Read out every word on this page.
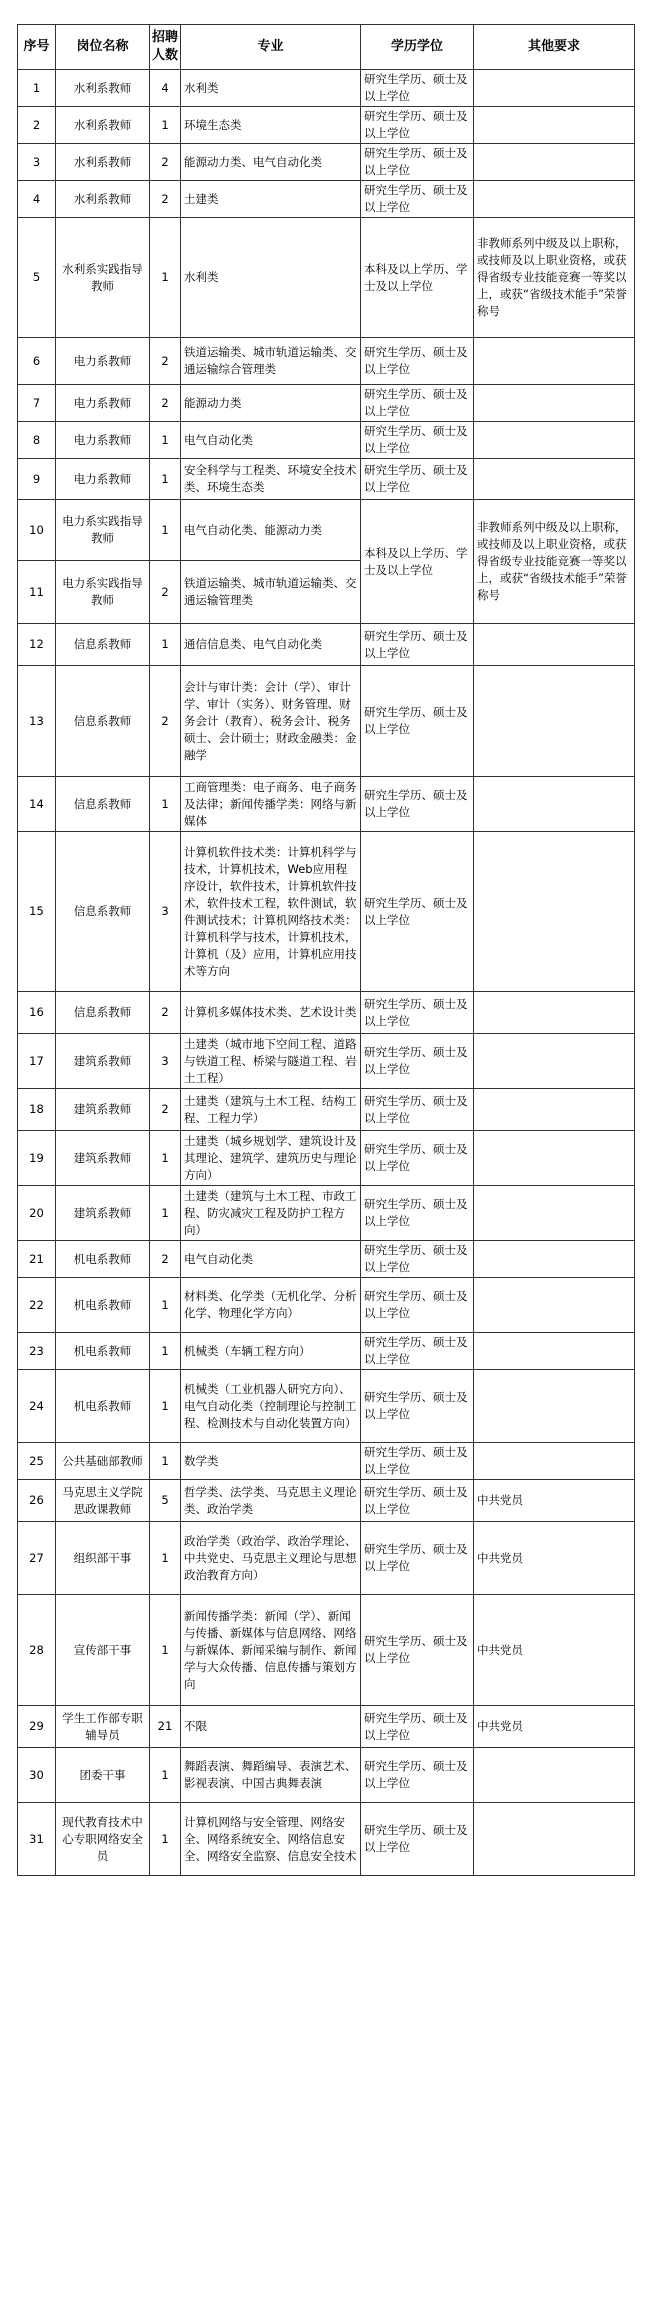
序号	岗位名称	招聘人数	专业	学历学位	其他要求
1	水利系教师	4	水利类	研究生学历、硕士及以上学位	
2	水利系教师	1	环境生态类	研究生学历、硕士及以上学位	
3	水利系教师	2	能源动力类、电气自动化类	研究生学历、硕士及以上学位	
4	水利系教师	2	土建类	研究生学历、硕士及以上学位	
5	水利系实践指导教师	1	水利类	本科及以上学历、学士及以上学位	非教师系列中级及以上职称，或技师及以上职业资格，或获得省级专业技能竞赛一等奖以上，或获“省级技术能手”荣誉称号
6	电力系教师	2	铁道运输类、城市轨道运输类、交通运输综合管理类	研究生学历、硕士及以上学位	
7	电力系教师	2	能源动力类	研究生学历、硕士及以上学位	
8	电力系教师	1	电气自动化类	研究生学历、硕士及以上学位	
9	电力系教师	1	安全科学与工程类、环境安全技术类、环境生态类	研究生学历、硕士及以上学位	
10	电力系实践指导教师	1	电气自动化类、能源动力类	本科及以上学历、学士及以上学位	非教师系列中级及以上职称，或技师及以上职业资格，或获得省级专业技能竞赛一等奖以上，或获“省级技术能手”荣誉称号
11	电力系实践指导教师	2	铁道运输类、城市轨道运输类、交通运输管理类		
12	信息系教师	1	通信信息类、电气自动化类	研究生学历、硕士及以上学位	
13	信息系教师	2	会计与审计类：会计（学）、审计学、审计（实务）、财务管理、财务会计（教育）、税务会计、税务硕士、会计硕士；财政金融类：金融学	研究生学历、硕士及以上学位	
14	信息系教师	1	工商管理类：电子商务、电子商务及法律；新闻传播学类：网络与新媒体	研究生学历、硕士及以上学位	
15	信息系教师	3	计算机软件技术类：计算机科学与技术，计算机技术，Web应用程序设计，软件技术，计算机软件技术，软件技术工程，软件测试，软件测试技术；计算机网络技术类：计算机科学与技术，计算机技术，计算机（及）应用，计算机应用技术等方向	研究生学历、硕士及以上学位	
16	信息系教师	2	计算机多媒体技术类、艺术设计类	研究生学历、硕士及以上学位	
17	建筑系教师	3	土建类（城市地下空间工程、道路与铁道工程、桥梁与隧道工程、岩土工程）	研究生学历、硕士及以上学位	
18	建筑系教师	2	土建类（建筑与土木工程、结构工程、工程力学）	研究生学历、硕士及以上学位	
19	建筑系教师	1	土建类（城乡规划学、建筑设计及其理论、建筑学、建筑历史与理论方向）	研究生学历、硕士及以上学位	
20	建筑系教师	1	土建类（建筑与土木工程、市政工程、防灾减灾工程及防护工程方向）	研究生学历、硕士及以上学位	
21	机电系教师	2	电气自动化类	研究生学历、硕士及以上学位	
22	机电系教师	1	材料类、化学类（无机化学、分析化学、物理化学方向）	研究生学历、硕士及以上学位	
23	机电系教师	1	机械类（车辆工程方向）	研究生学历、硕士及以上学位	
24	机电系教师	1	机械类（工业机器人研究方向）、电气自动化类（控制理论与控制工程、检测技术与自动化装置方向）	研究生学历、硕士及以上学位	
25	公共基础部教师	1	数学类	研究生学历、硕士及以上学位	
26	马克思主义学院思政课教师	5	哲学类、法学类、马克思主义理论类、政治学类	研究生学历、硕士及以上学位	中共党员
27	组织部干事	1	政治学类（政治学、政治学理论、中共党史、马克思主义理论与思想政治教育方向）	研究生学历、硕士及以上学位	中共党员
28	宣传部干事	1	新闻传播学类：新闻（学）、新闻与传播、新媒体与信息网络、网络与新媒体、新闻采编与制作、新闻学与大众传播、信息传播与策划方向	研究生学历、硕士及以上学位	中共党员
29	学生工作部专职辅导员	21	不限	研究生学历、硕士及以上学位	中共党员
30	团委干事	1	舞蹈表演、舞蹈编导、表演艺术、影视表演、中国古典舞表演	研究生学历、硕士及以上学位	
31	现代教育技术中心专职网络安全员	1	计算机网络与安全管理、网络安全、网络系统安全、网络信息安全、网络安全监察、信息安全技术	研究生学历、硕士及以上学位	
